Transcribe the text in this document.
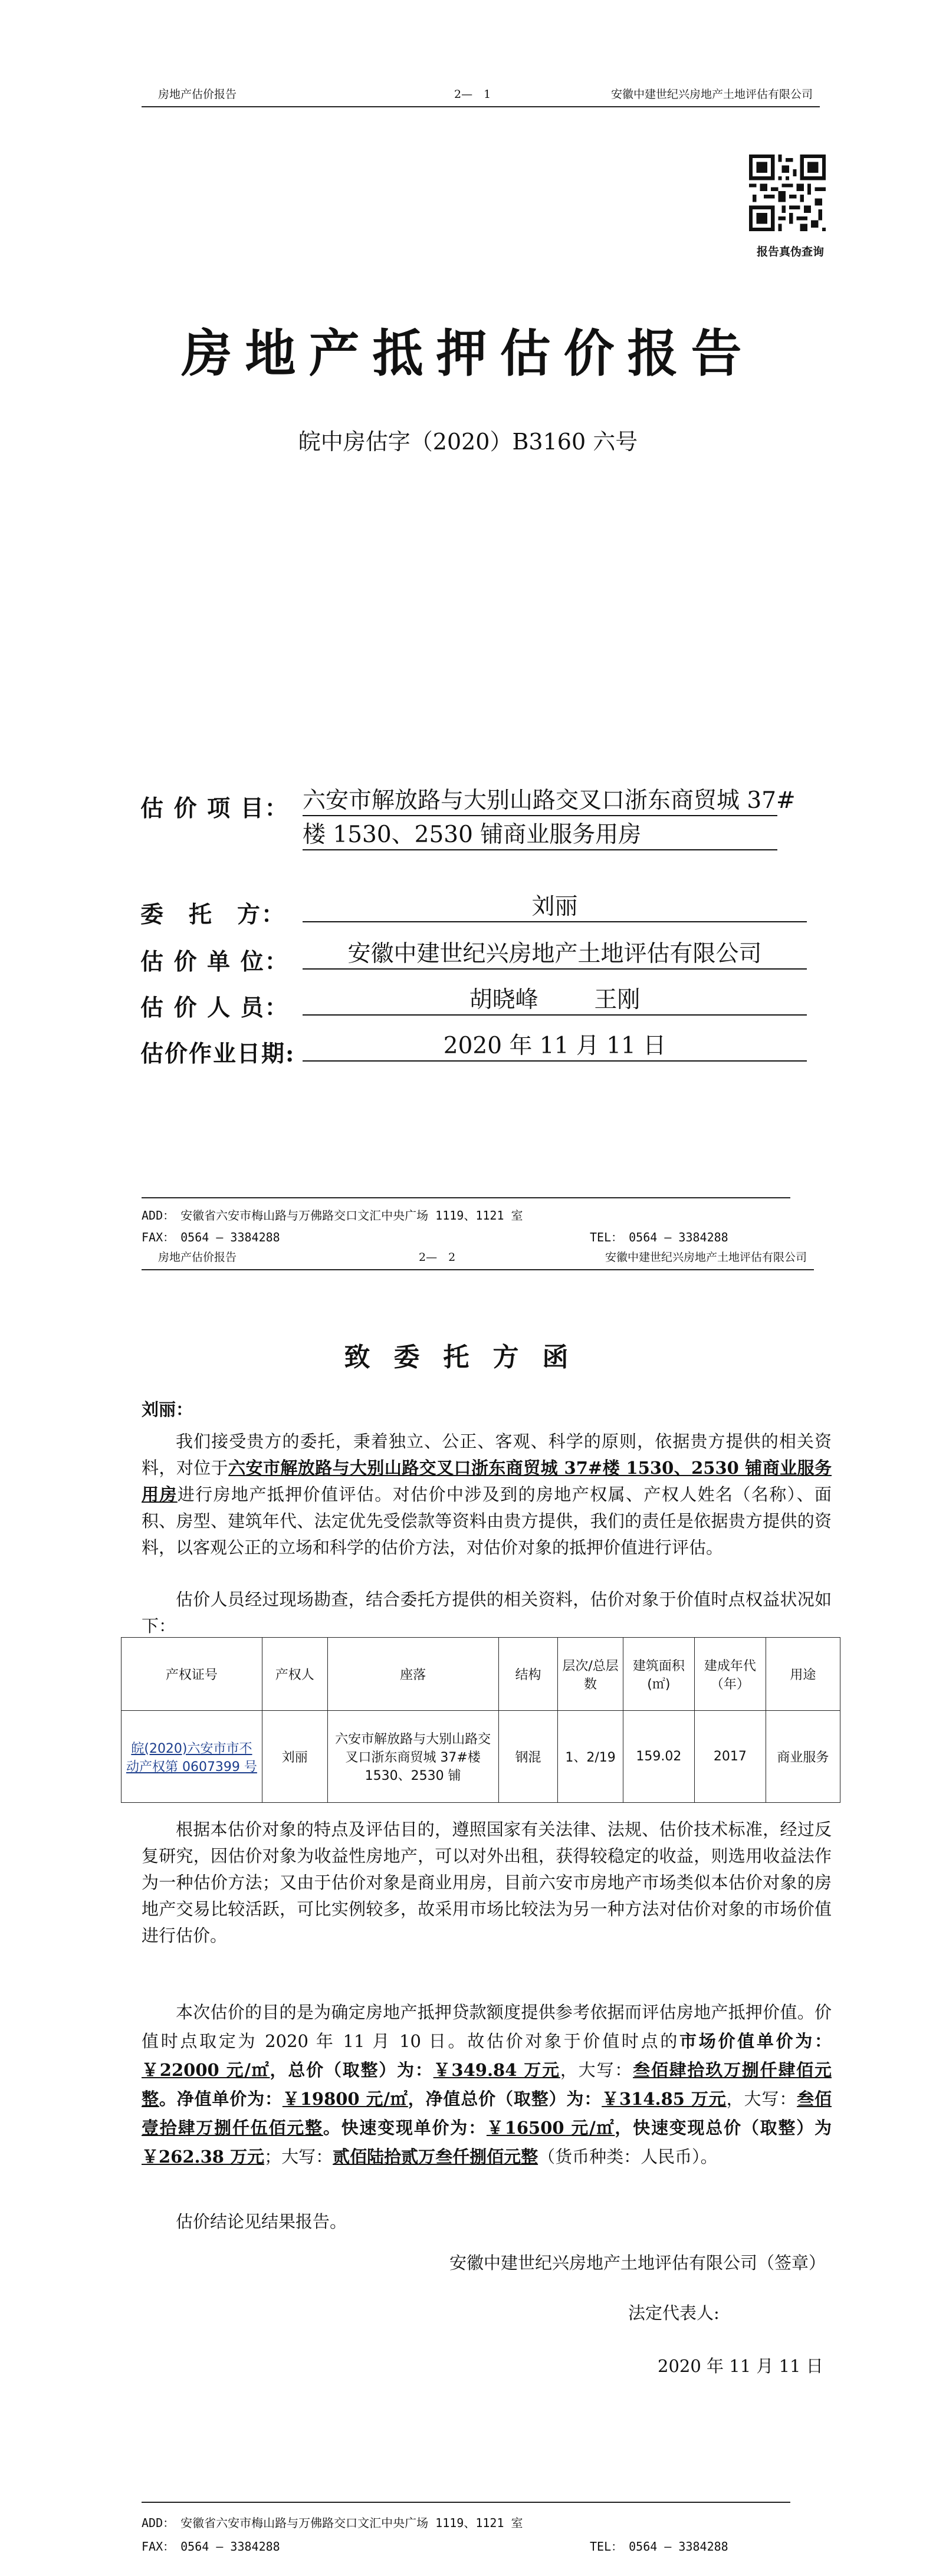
房地产估价报告	2—　1	安徽中建世纪兴房地产土地评估有限公司
报告真伪查询
房地产抵押估价报告
皖中房估字（2020）B3160 六号
估 价 项 目： 六安市解放路与大别山路交叉口浙东商贸城 37#
楼 1530、2530 铺商业服务用房
委　托　方：	刘丽
估 价 单 位：	安徽中建世纪兴房地产土地评估有限公司
估 价 人 员：	胡晓峰 王刚
估价作业日期:	2020 年 11 月 11 日
ADD：　安徽省六安市梅山路与万佛路交口文汇中央广场 1119、1121 室
FAX：　0564 — 3384288	TEL：　0564 — 3384288
房地产估价报告	2—　2	安徽中建世纪兴房地产土地评估有限公司
致委托方函
刘丽：
我们接受贵方的委托，秉着独立、公正、客观、科学的原则，依据贵方提供的相关资料，对位于六安市解放路与大别山路交叉口浙东商贸城 37#楼 1530、2530 铺商业服务用房进行房地产抵押价值评估。对估价中涉及到的房地产权属、产权人姓名（名称）、面积、房型、建筑年代、法定优先受偿款等资料由贵方提供，我们的责任是依据贵方提供的资料，以客观公正的立场和科学的估价方法，对估价对象的抵押价值进行评估。
估价人员经过现场勘查，结合委托方提供的相关资料，估价对象于价值时点权益状况如下：
产权证号	产权人	座落	结构	层次/总层数	建筑面积(㎡)	建成年代（年）	用途
皖(2020)六安市市不动产权第 0607399 号	刘丽	六安市解放路与大别山路交叉口浙东商贸城 37#楼 1530、2530 铺	钢混	1、2/19	159.02	2017	商业服务
根据本估价对象的特点及评估目的，遵照国家有关法律、法规、估价技术标准，经过反复研究，因估价对象为收益性房地产，可以对外出租，获得较稳定的收益，则选用收益法作为一种估价方法；又由于估价对象是商业用房，目前六安市房地产市场类似本估价对象的房地产交易比较活跃，可比实例较多，故采用市场比较法为另一种方法对估价对象的市场价值进行估价。
本次估价的目的是为确定房地产抵押贷款额度提供参考依据而评估房地产抵押价值。价值时点取定为 2020 年 11 月 10 日。故估价对象于价值时点的市场价值单价为：￥22000 元/㎡，总价（取整）为：￥349.84 万元，大写：叁佰肆拾玖万捌仟肆佰元整。净值单价为：￥19800 元/㎡，净值总价（取整）为：￥314.85 万元，大写：叁佰壹拾肆万捌仟伍佰元整。快速变现单价为：￥16500 元/㎡，快速变现总价（取整）为￥262.38 万元；大写：贰佰陆拾贰万叁仟捌佰元整（货币种类：人民币）。
估价结论见结果报告。
安徽中建世纪兴房地产土地评估有限公司（签章）
法定代表人:
2020 年 11 月 11 日
ADD：　安徽省六安市梅山路与万佛路交口文汇中央广场 1119、1121 室
FAX：　0564 — 3384288	TEL：　0564 — 3384288
